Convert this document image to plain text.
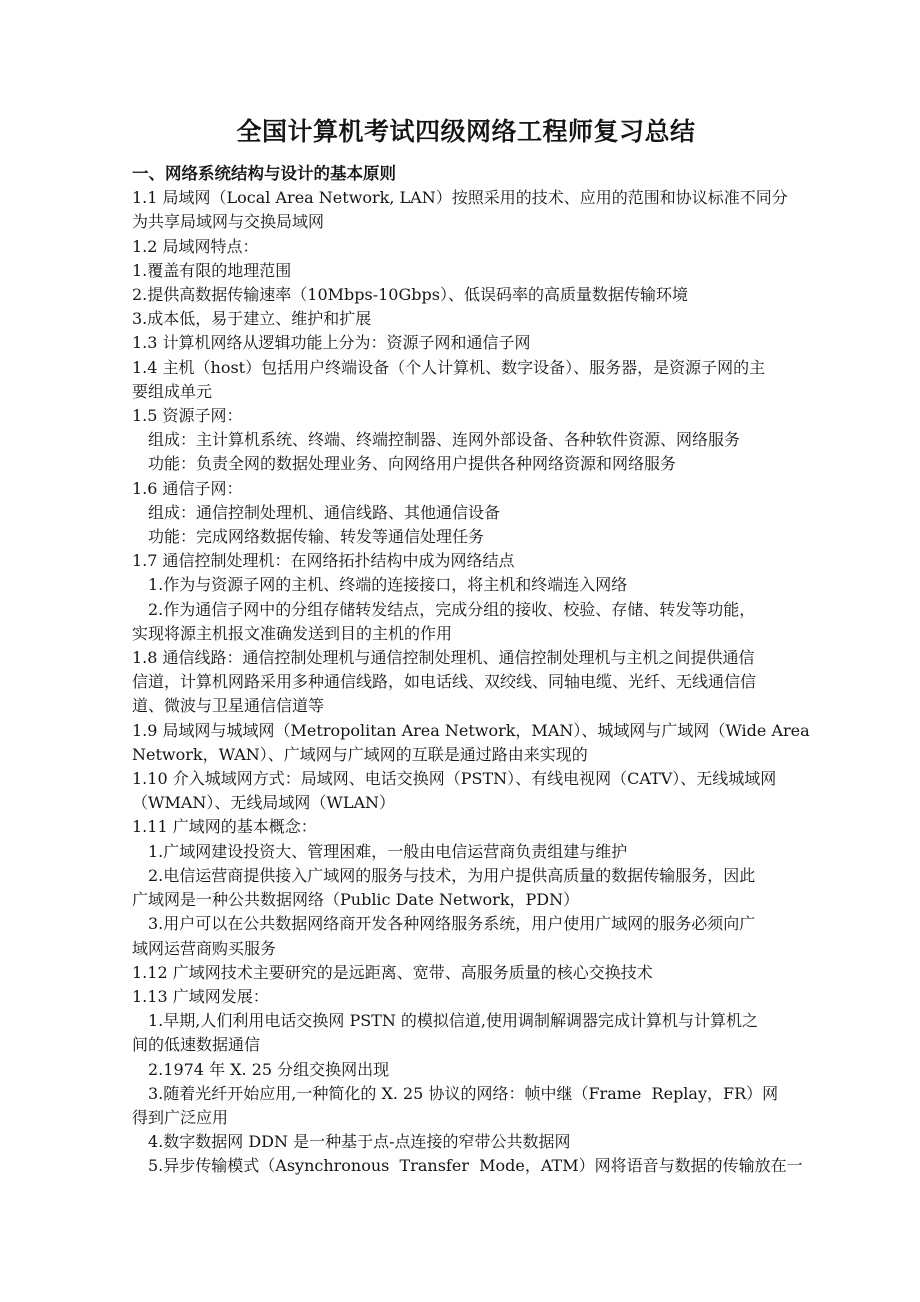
全国计算机考试四级网络工程师复习总结
一、网络系统结构与设计的基本原则
1.1 局域网（Local Area Network, LAN）按照采用的技术、应用的范围和协议标准不同分
为共享局域网与交换局域网
1.2 局域网特点：
1.覆盖有限的地理范围
2.提供高数据传输速率（10Mbps-10Gbps）、低误码率的高质量数据传输环境
3.成本低，易于建立、维护和扩展
1.3 计算机网络从逻辑功能上分为：资源子网和通信子网
1.4 主机（host）包括用户终端设备（个人计算机、数字设备）、服务器，是资源子网的主
要组成单元
1.5 资源子网：
组成：主计算机系统、终端、终端控制器、连网外部设备、各种软件资源、网络服务
功能：负责全网的数据处理业务、向网络用户提供各种网络资源和网络服务
1.6 通信子网：
组成：通信控制处理机、通信线路、其他通信设备
功能：完成网络数据传输、转发等通信处理任务
1.7 通信控制处理机：在网络拓扑结构中成为网络结点
1.作为与资源子网的主机、终端的连接接口，将主机和终端连入网络
2.作为通信子网中的分组存储转发结点，完成分组的接收、校验、存储、转发等功能，
实现将源主机报文准确发送到目的主机的作用
1.8 通信线路：通信控制处理机与通信控制处理机、通信控制处理机与主机之间提供通信
信道，计算机网路采用多种通信线路，如电话线、双绞线、同轴电缆、光纤、无线通信信
道、微波与卫星通信信道等
1.9 局域网与城域网（Metropolitan Area Network，MAN）、城域网与广域网（Wide Area
Network，WAN）、广域网与广域网的互联是通过路由来实现的
1.10 介入城域网方式：局域网、电话交换网（PSTN）、有线电视网（CATV）、无线城域网
（WMAN）、无线局域网（WLAN）
1.11 广域网的基本概念：
1.广域网建设投资大、管理困难，一般由电信运营商负责组建与维护
2.电信运营商提供接入广域网的服务与技术，为用户提供高质量的数据传输服务，因此
广域网是一种公共数据网络（Public Date Network，PDN）
3.用户可以在公共数据网络商开发各种网络服务系统，用户使用广域网的服务必须向广
域网运营商购买服务
1.12 广域网技术主要研究的是远距离、宽带、高服务质量的核心交换技术
1.13 广域网发展：
1.早期,人们利用电话交换网 PSTN 的模拟信道,使用调制解调器完成计算机与计算机之
间的低速数据通信
2.1974 年 X. 25 分组交换网出现
3.随着光纤开始应用,一种简化的 X. 25 协议的网络：帧中继（Frame  Replay，FR）网
得到广泛应用
4.数字数据网 DDN 是一种基于点-点连接的窄带公共数据网
5.异步传输模式（Asynchronous  Transfer  Mode，ATM）网将语音与数据的传输放在一
